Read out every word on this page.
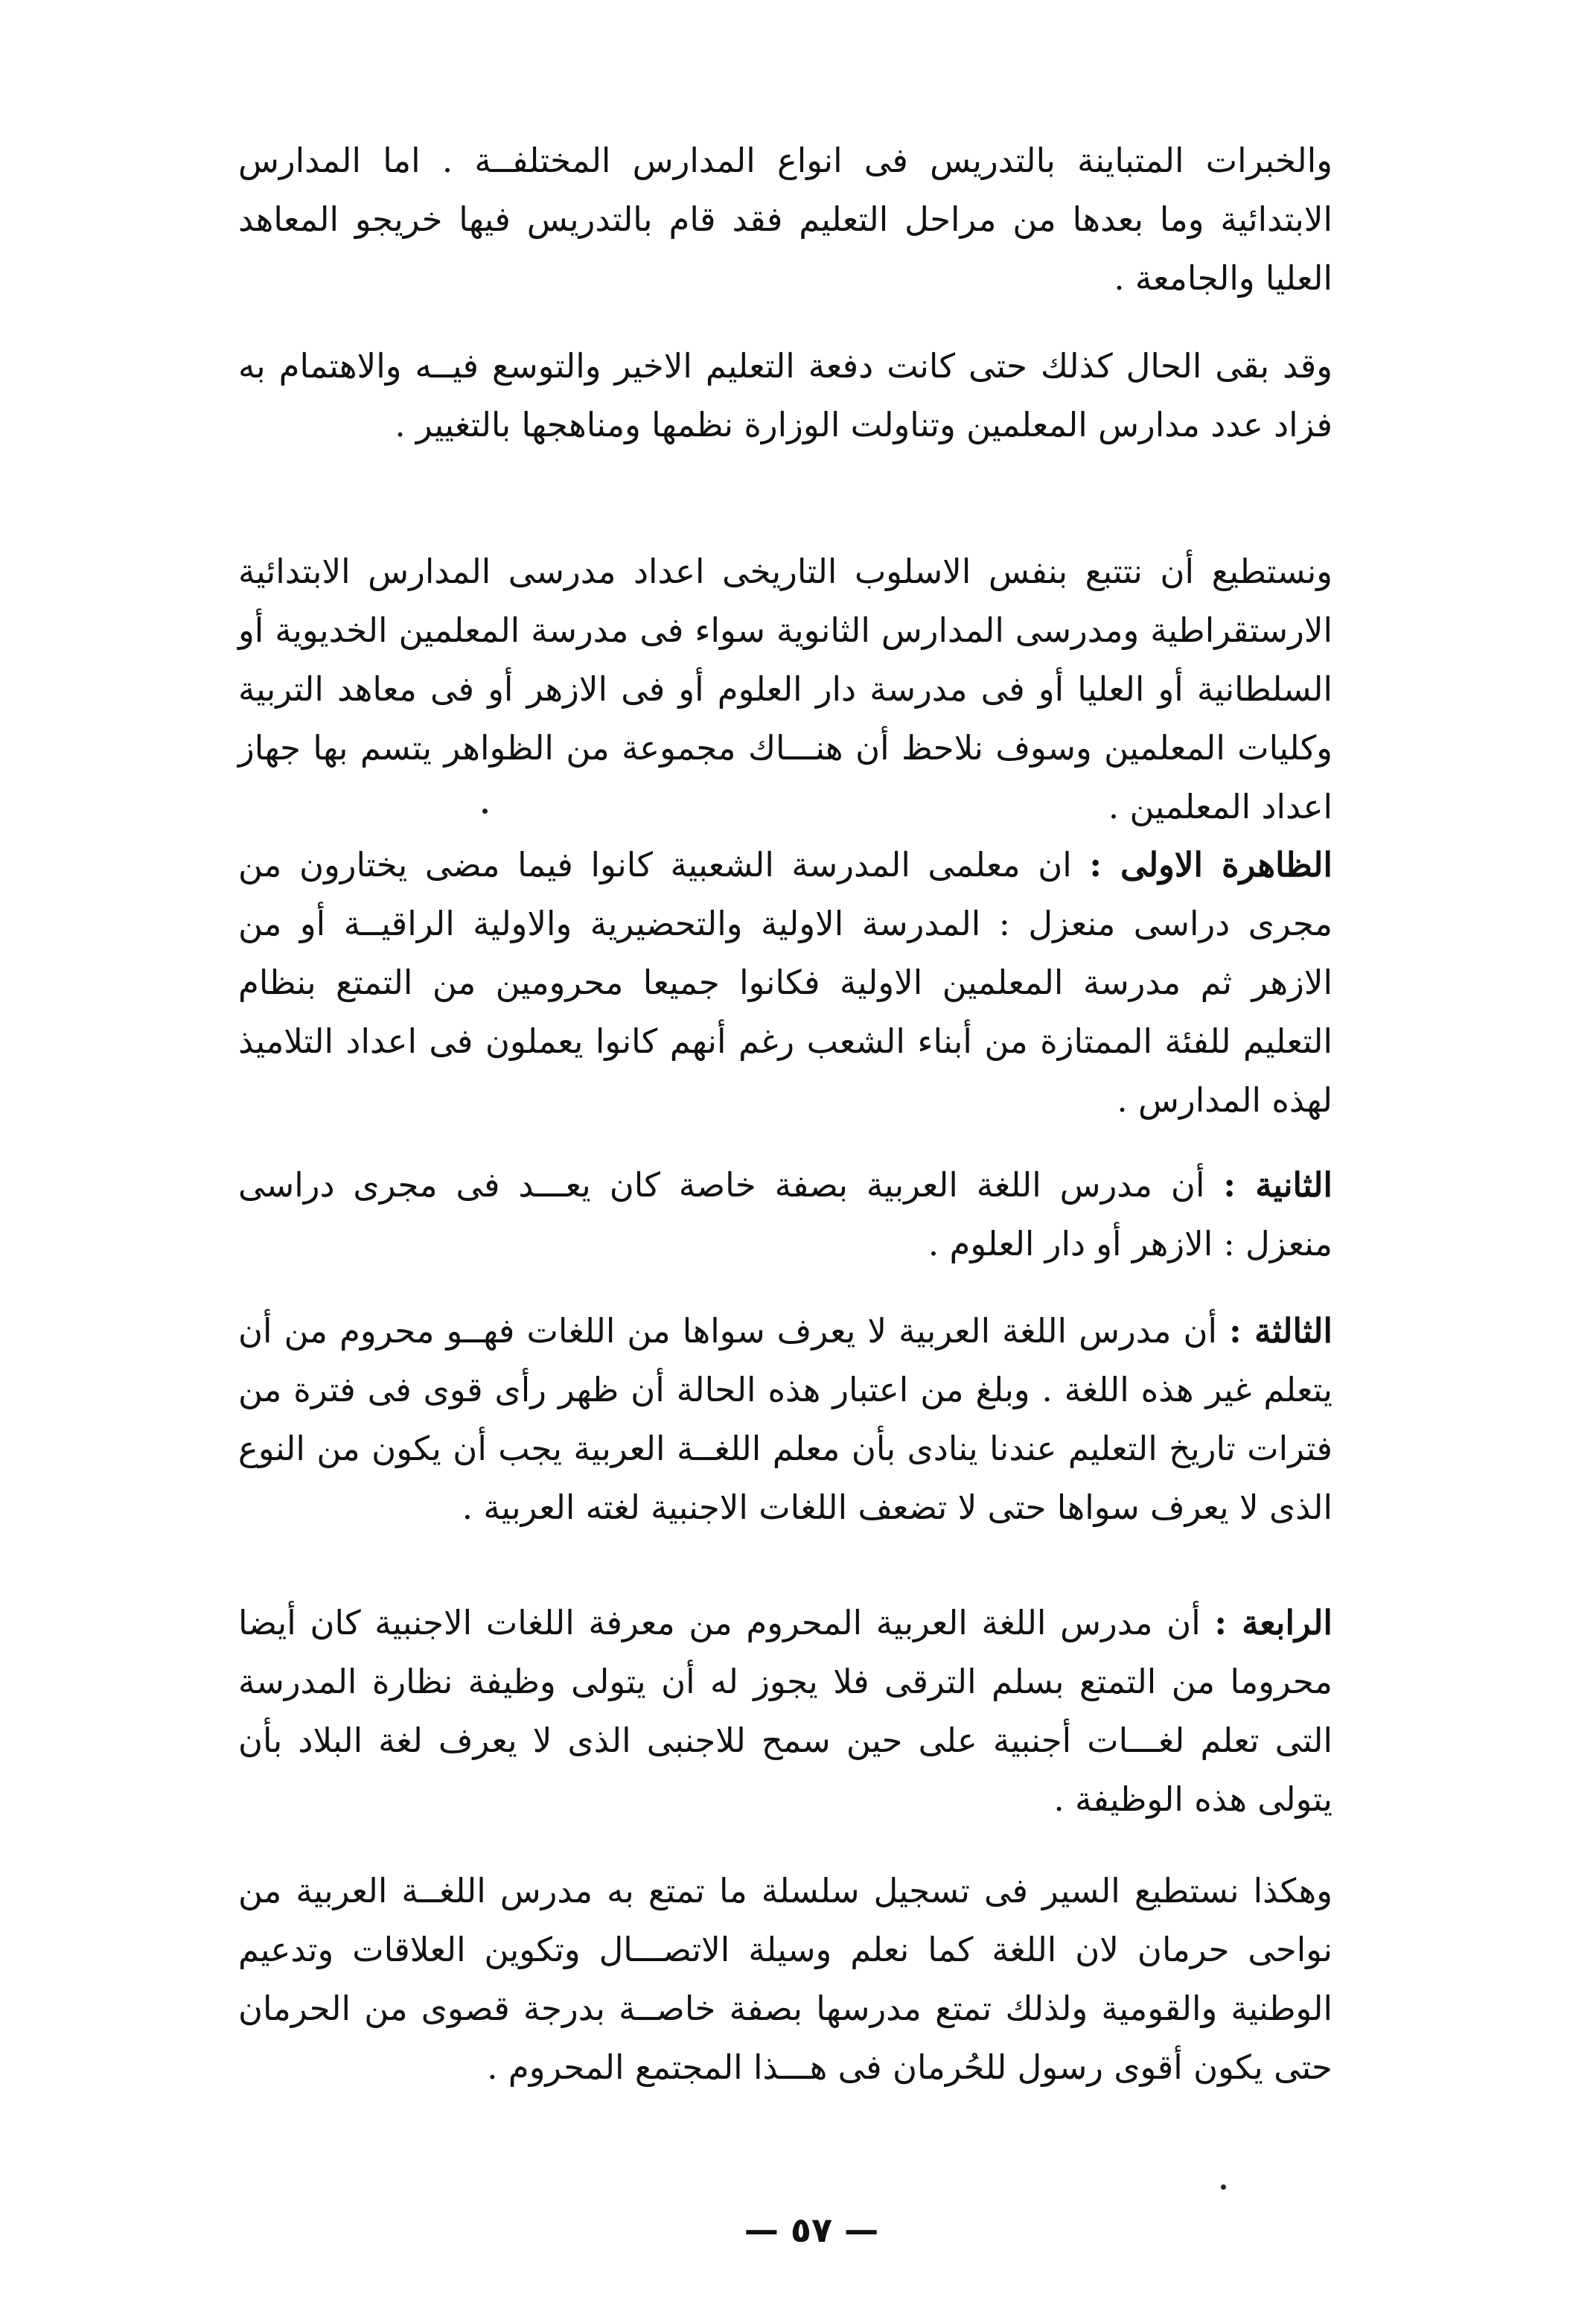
والخبرات المتباينة بالتدريس فى انواع المدارس المختلفــة . اما المدارس الابتدائية وما بعدها من مراحل التعليم فقد قام بالتدريس فيها خريجو المعاهد العليا والجامعة .

وقد بقى الحال كذلك حتى كانت دفعة التعليم الاخير والتوسع فيــه والاهتمام به فزاد عدد مدارس المعلمين وتناولت الوزارة نظمها ومناهجها بالتغيير .

ونستطيع أن نتتبع بنفس الاسلوب التاريخى اعداد مدرسى المدارس الابتدائية الارستقراطية ومدرسى المدارس الثانوية سواء فى مدرسة المعلمين الخديوية أو السلطانية أو العليا أو فى مدرسة دار العلوم أو فى الازهر أو فى معاهد التربية وكليات المعلمين وسوف نلاحظ أن هنـــاك مجموعة من الظواهر يتسم بها جهاز اعداد المعلمين .

الظاهرة الاولى : ان معلمى المدرسة الشعبية كانوا فيما مضى يختارون من مجرى دراسى منعزل : المدرسة الاولية والتحضيرية والاولية الراقيــة أو من الازهر ثم مدرسة المعلمين الاولية فكانوا جميعا محرومين من التمتع بنظام التعليم للفئة الممتازة من أبناء الشعب رغم أنهم كانوا يعملون فى اعداد التلاميذ لهذه المدارس .

الثانية : أن مدرس اللغة العربية بصفة خاصة كان يعـــد فى مجرى دراسى منعزل : الازهر أو دار العلوم .

الثالثة : أن مدرس اللغة العربية لا يعرف سواها من اللغات فهــو محروم من أن يتعلم غير هذه اللغة . وبلغ من اعتبار هذه الحالة أن ظهر رأى قوى فى فترة من فترات تاريخ التعليم عندنا ينادى بأن معلم اللغــة العربية يجب أن يكون من النوع الذى لا يعرف سواها حتى لا تضعف اللغات الاجنبية لغته العربية .

الرابعة : أن مدرس اللغة العربية المحروم من معرفة اللغات الاجنبية كان أيضا محروما من التمتع بسلم الترقى فلا يجوز له أن يتولى وظيفة نظارة المدرسة التى تعلم لغـــات أجنبية على حين سمح للاجنبى الذى لا يعرف لغة البلاد بأن يتولى هذه الوظيفة .

وهكذا نستطيع السير فى تسجيل سلسلة ما تمتع به مدرس اللغــة العربية من نواحى حرمان لان اللغة كما نعلم وسيلة الاتصـــال وتكوين العلاقات وتدعيم الوطنية والقومية ولذلك تمتع مدرسها بصفة خاصــة بدرجة قصوى من الحرمان حتى يكون أقوى رسول للحُرمان فى هـــذا المجتمع المحروم .

— ٥٧ —
